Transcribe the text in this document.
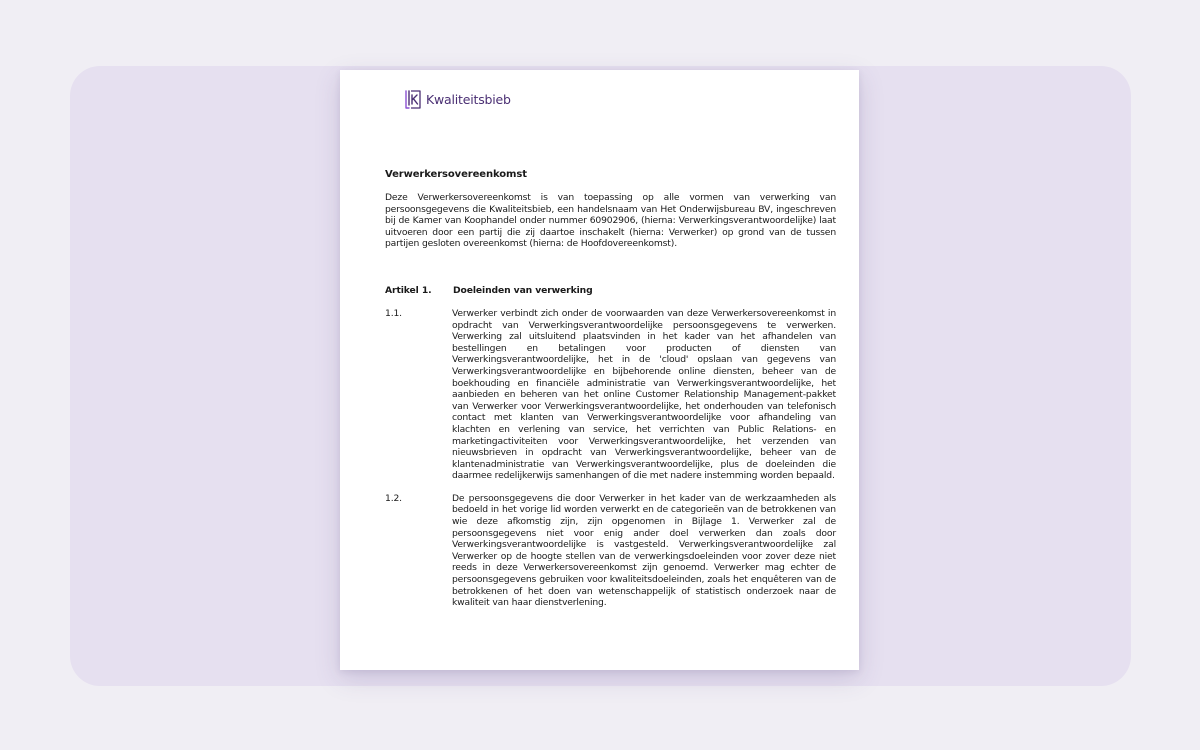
Kwaliteitsbieb
Verwerkersovereenkomst

Deze Verwerkersovereenkomst is van toepassing op alle vormen van verwerking van persoonsgegevens die Kwaliteitsbieb, een handelsnaam van Het Onderwijsbureau BV, ingeschreven bij de Kamer van Koophandel onder nummer 60902906, (hierna: Verwerkingsverantwoordelijke) laat uitvoeren door een partij die zij daartoe inschakelt (hierna: Verwerker) op grond van de tussen partijen gesloten overeenkomst (hierna: de Hoofdovereenkomst).

Artikel 1.	Doeleinden van verwerking
1.1.	Verwerker verbindt zich onder de voorwaarden van deze Verwerkersovereenkomst in opdracht van Verwerkingsverantwoordelijke persoonsgegevens te verwerken. Verwerking zal uitsluitend plaatsvinden in het kader van het afhandelen van bestellingen en betalingen voor producten of diensten van Verwerkingsverantwoordelijke, het in de 'cloud' opslaan van gegevens van Verwerkingsverantwoordelijke en bijbehorende online diensten, beheer van de boekhouding en financiële administratie van Verwerkingsverantwoordelijke, het aanbieden en beheren van het online Customer Relationship Management-pakket van Verwerker voor Verwerkingsverantwoordelijke, het onderhouden van telefonisch contact met klanten van Verwerkingsverantwoordelijke voor afhandeling van klachten en verlening van service, het verrichten van Public Relations- en marketingactiviteiten voor Verwerkingsverantwoordelijke, het verzenden van nieuwsbrieven in opdracht van Verwerkingsverantwoordelijke, beheer van de klantenadministratie van Verwerkingsverantwoordelijke, plus de doeleinden die daarmee redelijkerwijs samenhangen of die met nadere instemming worden bepaald.
1.2.	De persoonsgegevens die door Verwerker in het kader van de werkzaamheden als bedoeld in het vorige lid worden verwerkt en de categorieën van de betrokkenen van wie deze afkomstig zijn, zijn opgenomen in Bijlage 1. Verwerker zal de persoonsgegevens niet voor enig ander doel verwerken dan zoals door Verwerkingsverantwoordelijke is vastgesteld. Verwerkingsverantwoordelijke zal Verwerker op de hoogte stellen van de verwerkingsdoeleinden voor zover deze niet reeds in deze Verwerkersovereenkomst zijn genoemd. Verwerker mag echter de persoonsgegevens gebruiken voor kwaliteitsdoeleinden, zoals het enquêteren van de betrokkenen of het doen van wetenschappelijk of statistisch onderzoek naar de kwaliteit van haar dienstverlening.
